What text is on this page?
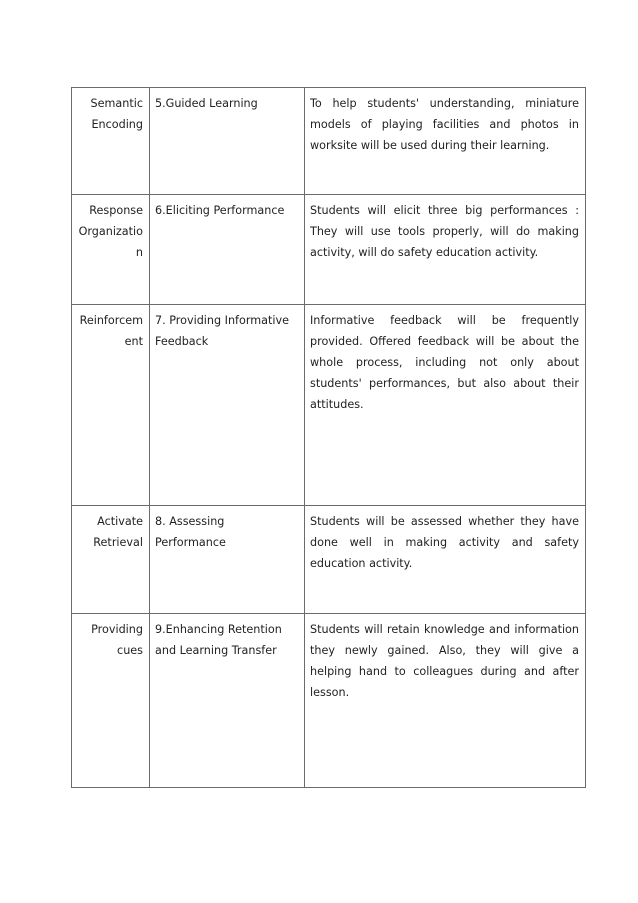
Semantic
Encoding	5.Guided Learning	To help students' understanding, miniature models of playing facilities and photos in worksite will be used during their learning.

Response
Organizatio
n	6.Eliciting Performance	Students will elicit three big performances : They will use tools properly, will do making activity, will do safety education activity.

Reinforcem
ent	7. Providing Informative Feedback	Informative feedback will be frequently provided. Offered feedback will be about the whole process, including not only about students' performances, but also about their attitudes.

Activate
Retrieval	8. Assessing Performance	Students will be assessed whether they have done well in making activity and safety education activity.

Providing
cues	9.Enhancing Retention and Learning Transfer	Students will retain knowledge and information they newly gained. Also, they will give a helping hand to colleagues during and after lesson.
